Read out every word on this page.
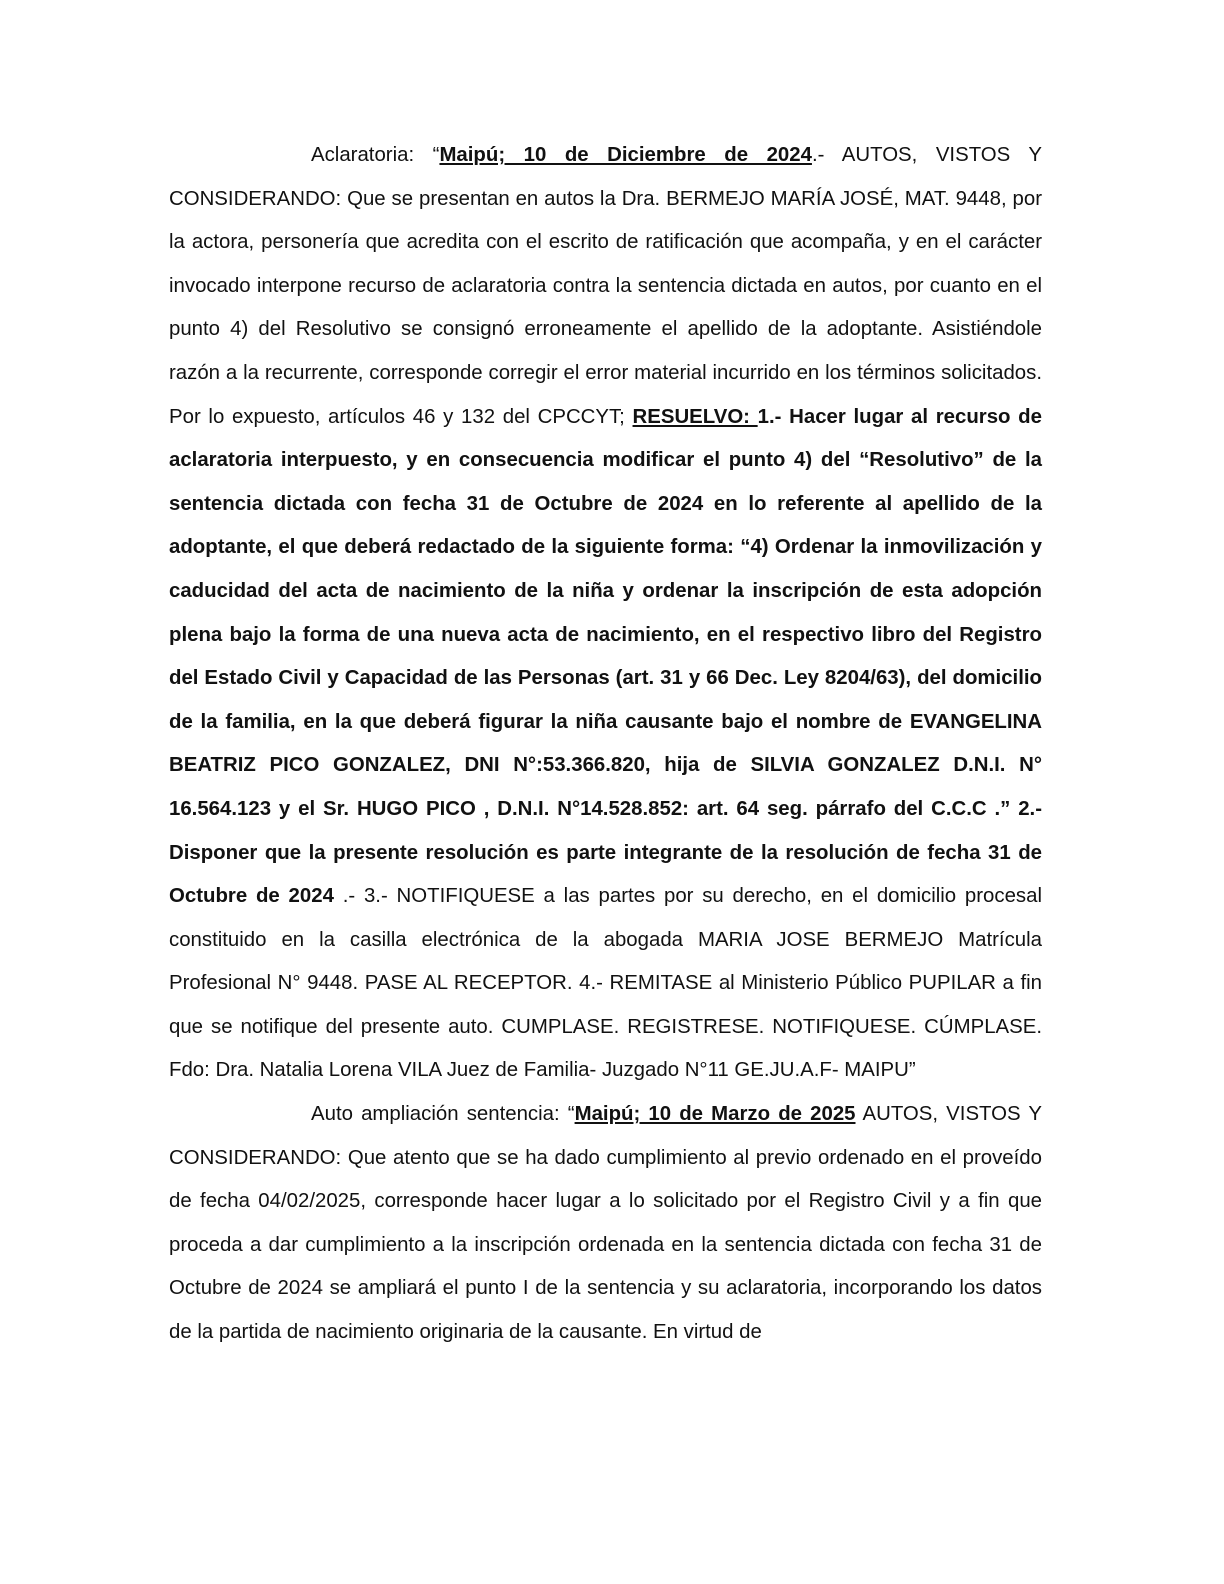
Aclaratoria: “Maipú; 10 de Diciembre de 2024.- AUTOS, VISTOS Y CONSIDERANDO: Que se presentan en autos la Dra. BERMEJO MARÍA JOSÉ, MAT. 9448, por la actora, personería que acredita con el escrito de ratificación que acompaña, y en el carácter invocado interpone recurso de aclaratoria contra la sentencia dictada en autos, por cuanto en el punto 4) del Resolutivo se consignó erroneamente el apellido de la adoptante. Asistiéndole razón a la recurrente, corresponde corregir el error material incurrido en los términos solicitados. Por lo expuesto, artículos 46 y 132 del CPCCYT; RESUELVO: 1.- Hacer lugar al recurso de aclaratoria interpuesto, y en consecuencia modificar el punto 4) del “Resolutivo” de la sentencia dictada con fecha 31 de Octubre de 2024 en lo referente al apellido de la adoptante, el que deberá redactado de la siguiente forma: “4) Ordenar la inmovilización y caducidad del acta de nacimiento de la niña y ordenar la inscripción de esta adopción plena bajo la forma de una nueva acta de nacimiento, en el respectivo libro del Registro del Estado Civil y Capacidad de las Personas (art. 31 y 66 Dec. Ley 8204/63), del domicilio de la familia, en la que deberá figurar la niña causante bajo el nombre de EVANGELINA BEATRIZ PICO GONZALEZ, DNI N°:53.366.820, hija de SILVIA GONZALEZ D.N.I. N° 16.564.123 y el Sr. HUGO PICO , D.N.I. N°14.528.852: art. 64 seg. párrafo del C.C.C .” 2.- Disponer que la presente resolución es parte integrante de la resolución de fecha 31 de Octubre de 2024 .- 3.- NOTIFIQUESE a las partes por su derecho, en el domicilio procesal constituido en la casilla electrónica de la abogada MARIA JOSE BERMEJO Matrícula Profesional N° 9448. PASE AL RECEPTOR. 4.- REMITASE al Ministerio Público PUPILAR a fin que se notifique del presente auto. CUMPLASE. REGISTRESE. NOTIFIQUESE. CÚMPLASE. Fdo: Dra. Natalia Lorena VILA Juez de Familia- Juzgado N°11 GE.JU.A.F- MAIPU”

Auto ampliación sentencia: “Maipú; 10 de Marzo de 2025 AUTOS, VISTOS Y CONSIDERANDO: Que atento que se ha dado cumplimiento al previo ordenado en el proveído de fecha 04/02/2025, corresponde hacer lugar a lo solicitado por el Registro Civil y a fin que proceda a dar cumplimiento a la inscripción ordenada en la sentencia dictada con fecha 31 de Octubre de 2024 se ampliará el punto I de la sentencia y su aclaratoria, incorporando los datos de la partida de nacimiento originaria de la causante. En virtud de
